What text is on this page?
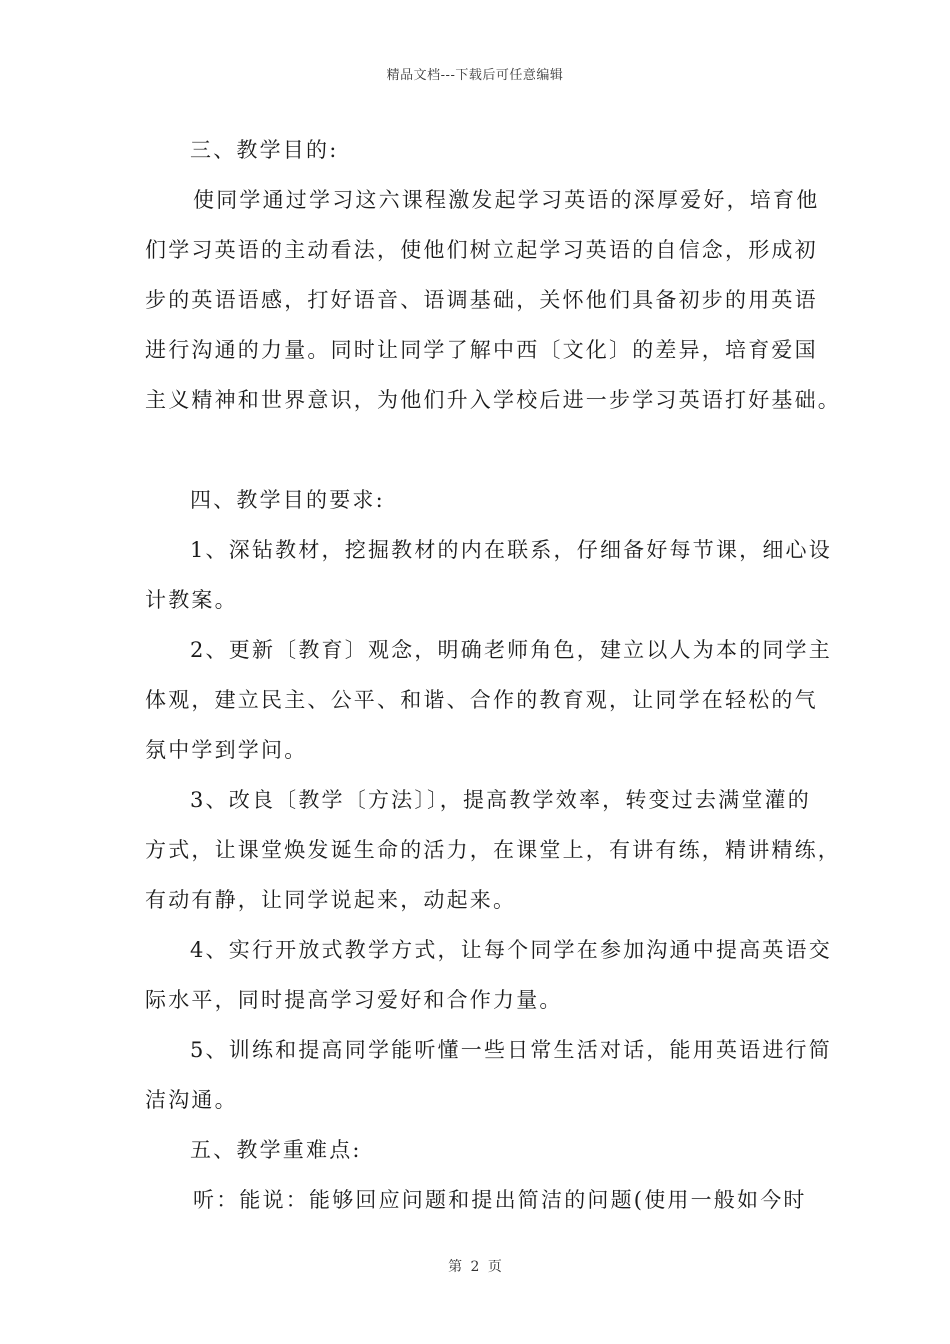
精品文档---下载后可任意编辑
三、教学目的:
使同学通过学习这六课程激发起学习英语的深厚爱好，培育他
们学习英语的主动看法，使他们树立起学习英语的自信念，形成初
步的英语语感，打好语音、语调基础，关怀他们具备初步的用英语
进行沟通的力量。同时让同学了解中西〔文化〕的差异，培育爱国
主义精神和世界意识，为他们升入学校后进一步学习英语打好基础。
四、教学目的要求:
1、深钻教材，挖掘教材的内在联系，仔细备好每节课，细心设
计教案。
2、更新〔教育〕观念，明确老师角色，建立以人为本的同学主
体观，建立民主、公平、和谐、合作的教育观，让同学在轻松的气
氛中学到学问。
3、改良〔教学〔方法〕〕，提高教学效率，转变过去满堂灌的
方式，让课堂焕发诞生命的活力，在课堂上，有讲有练，精讲精练，
有动有静，让同学说起来，动起来。
4、实行开放式教学方式，让每个同学在参加沟通中提高英语交
际水平，同时提高学习爱好和合作力量。
5、训练和提高同学能听懂一些日常生活对话，能用英语进行简
洁沟通。
五、教学重难点:
听：能说：能够回应问题和提出简洁的问题(使用一般如今时
第 2 页
